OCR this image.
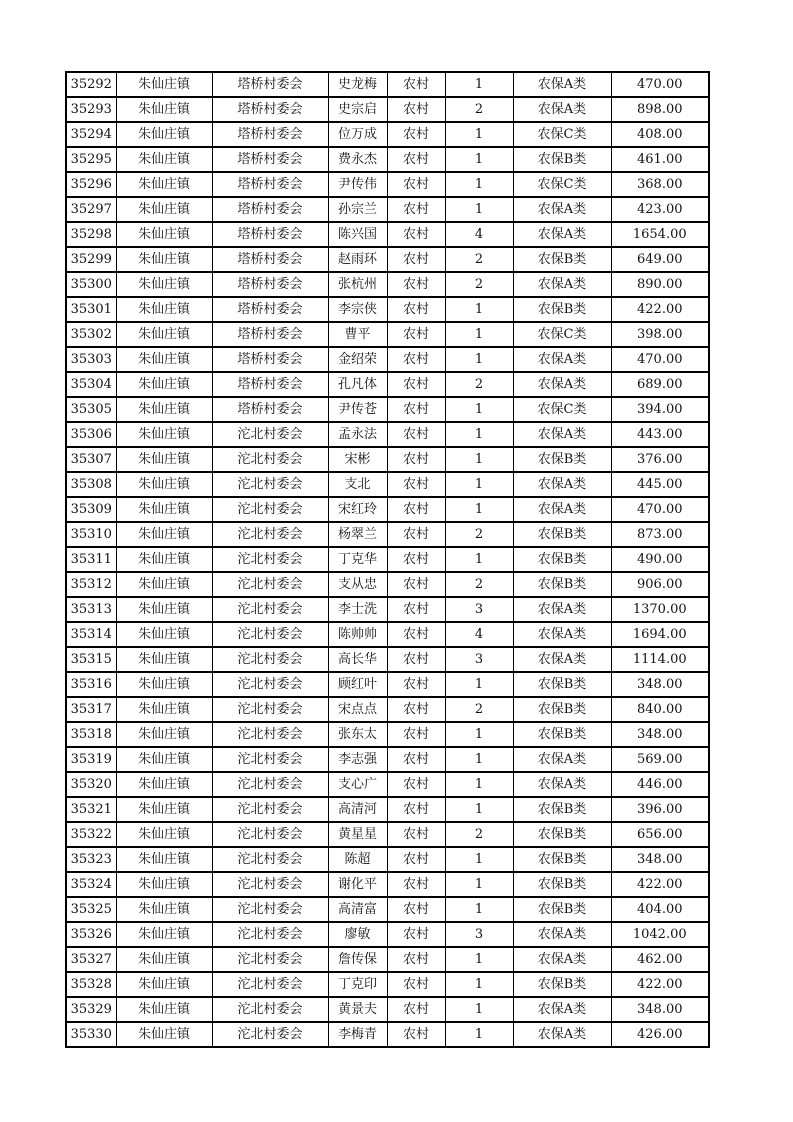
35292	朱仙庄镇	塔桥村委会	史龙梅	农村	1	农保A类	470.00
35293	朱仙庄镇	塔桥村委会	史宗启	农村	2	农保A类	898.00
35294	朱仙庄镇	塔桥村委会	位万成	农村	1	农保C类	408.00
35295	朱仙庄镇	塔桥村委会	费永杰	农村	1	农保B类	461.00
35296	朱仙庄镇	塔桥村委会	尹传伟	农村	1	农保C类	368.00
35297	朱仙庄镇	塔桥村委会	孙宗兰	农村	1	农保A类	423.00
35298	朱仙庄镇	塔桥村委会	陈兴国	农村	4	农保A类	1654.00
35299	朱仙庄镇	塔桥村委会	赵雨环	农村	2	农保B类	649.00
35300	朱仙庄镇	塔桥村委会	张杭州	农村	2	农保A类	890.00
35301	朱仙庄镇	塔桥村委会	李宗侠	农村	1	农保B类	422.00
35302	朱仙庄镇	塔桥村委会	曹平	农村	1	农保C类	398.00
35303	朱仙庄镇	塔桥村委会	金绍荣	农村	1	农保A类	470.00
35304	朱仙庄镇	塔桥村委会	孔凡体	农村	2	农保A类	689.00
35305	朱仙庄镇	塔桥村委会	尹传苍	农村	1	农保C类	394.00
35306	朱仙庄镇	沱北村委会	孟永法	农村	1	农保A类	443.00
35307	朱仙庄镇	沱北村委会	宋彬	农村	1	农保B类	376.00
35308	朱仙庄镇	沱北村委会	支北	农村	1	农保A类	445.00
35309	朱仙庄镇	沱北村委会	宋红玲	农村	1	农保A类	470.00
35310	朱仙庄镇	沱北村委会	杨翠兰	农村	2	农保B类	873.00
35311	朱仙庄镇	沱北村委会	丁克华	农村	1	农保B类	490.00
35312	朱仙庄镇	沱北村委会	支从忠	农村	2	农保B类	906.00
35313	朱仙庄镇	沱北村委会	李士洗	农村	3	农保A类	1370.00
35314	朱仙庄镇	沱北村委会	陈帅帅	农村	4	农保A类	1694.00
35315	朱仙庄镇	沱北村委会	高长华	农村	3	农保A类	1114.00
35316	朱仙庄镇	沱北村委会	顾红叶	农村	1	农保B类	348.00
35317	朱仙庄镇	沱北村委会	宋点点	农村	2	农保B类	840.00
35318	朱仙庄镇	沱北村委会	张东太	农村	1	农保B类	348.00
35319	朱仙庄镇	沱北村委会	李志强	农村	1	农保A类	569.00
35320	朱仙庄镇	沱北村委会	支心广	农村	1	农保A类	446.00
35321	朱仙庄镇	沱北村委会	高清河	农村	1	农保B类	396.00
35322	朱仙庄镇	沱北村委会	黄星星	农村	2	农保B类	656.00
35323	朱仙庄镇	沱北村委会	陈超	农村	1	农保B类	348.00
35324	朱仙庄镇	沱北村委会	谢化平	农村	1	农保B类	422.00
35325	朱仙庄镇	沱北村委会	高清富	农村	1	农保B类	404.00
35326	朱仙庄镇	沱北村委会	廖敏	农村	3	农保A类	1042.00
35327	朱仙庄镇	沱北村委会	詹传保	农村	1	农保A类	462.00
35328	朱仙庄镇	沱北村委会	丁克印	农村	1	农保B类	422.00
35329	朱仙庄镇	沱北村委会	黄景夫	农村	1	农保A类	348.00
35330	朱仙庄镇	沱北村委会	李梅青	农村	1	农保A类	426.00
